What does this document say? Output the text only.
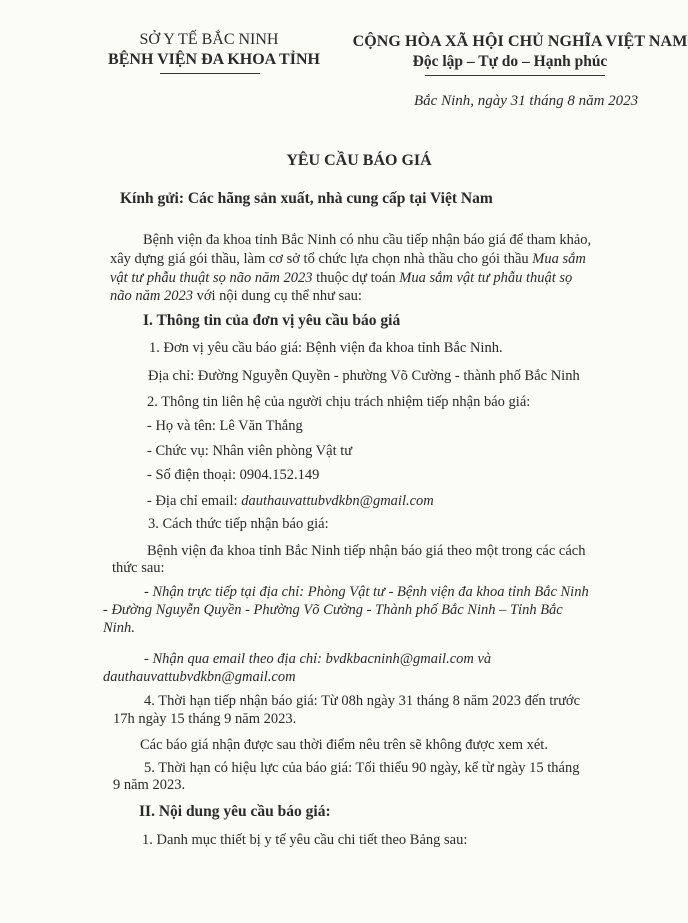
SỞ Y TẾ BẮC NINH
BỆNH VIỆN ĐA KHOA TỈNH
CỘNG HÒA XÃ HỘI CHỦ NGHĨA VIỆT NAM
Độc lập – Tự do – Hạnh phúc
Bắc Ninh, ngày 31 tháng 8 năm 2023
YÊU CẦU BÁO GIÁ
Kính gửi: Các hãng sản xuất, nhà cung cấp tại Việt Nam
Bệnh viện đa khoa tỉnh Bắc Ninh có nhu cầu tiếp nhận báo giá để tham khảo,
xây dựng giá gói thầu, làm cơ sở tổ chức lựa chọn nhà thầu cho gói thầu Mua sắm
vật tư phẫu thuật sọ não năm 2023 thuộc dự toán Mua sắm vật tư phẫu thuật sọ
não năm 2023 với nội dung cụ thể như sau:
I. Thông tin của đơn vị yêu cầu báo giá
1. Đơn vị yêu cầu báo giá: Bệnh viện đa khoa tỉnh Bắc Ninh.
Địa chỉ: Đường Nguyễn Quyền - phường Võ Cường - thành phố Bắc Ninh
2. Thông tin liên hệ của người chịu trách nhiệm tiếp nhận báo giá:
- Họ và tên: Lê Văn Thắng
- Chức vụ: Nhân viên phòng Vật tư
- Số điện thoại: 0904.152.149
- Địa chỉ email: dauthauvattubvdkbn@gmail.com
3. Cách thức tiếp nhận báo giá:
Bệnh viện đa khoa tỉnh Bắc Ninh tiếp nhận báo giá theo một trong các cách
thức sau:
- Nhận trực tiếp tại địa chỉ: Phòng Vật tư - Bệnh viện đa khoa tỉnh Bắc Ninh
- Đường Nguyễn Quyền - Phường Võ Cường - Thành phố Bắc Ninh – Tỉnh Bắc
Ninh.
- Nhận qua email theo địa chỉ: bvdkbacninh@gmail.com và
dauthauvattubvdkbn@gmail.com
4. Thời hạn tiếp nhận báo giá: Từ 08h ngày 31 tháng 8 năm 2023 đến trước
17h ngày 15 tháng 9 năm 2023.
Các báo giá nhận được sau thời điểm nêu trên sẽ không được xem xét.
5. Thời hạn có hiệu lực của báo giá: Tối thiểu 90 ngày, kể từ ngày 15 tháng
9 năm 2023.
II. Nội dung yêu cầu báo giá:
1. Danh mục thiết bị y tế yêu cầu chi tiết theo Bảng sau:
